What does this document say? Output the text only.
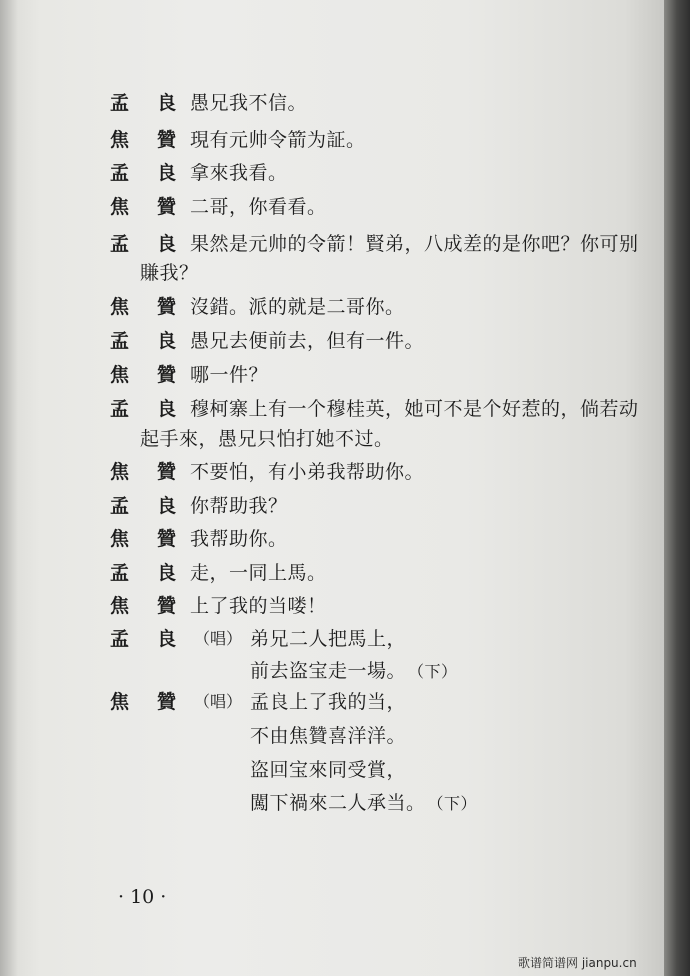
孟 良 愚兄我不信。
焦 贊 現有元帅令箭为証。
孟 良 拿來我看。
焦 贊 二哥，你看看。
孟 良 果然是元帅的令箭！賢弟，八成差的是你吧？你可别
賺我？
焦 贊 沒錯。派的就是二哥你。
孟 良 愚兄去便前去，但有一件。
焦 贊 哪一件？
孟 良 穆柯寨上有一个穆桂英，她可不是个好惹的，倘若动
起手來，愚兄只怕打她不过。
焦 贊 不要怕，有小弟我帮助你。
孟 良 你帮助我？
焦 贊 我帮助你。
孟 良 走，一同上馬。
焦 贊 上了我的当喽！
孟 良 （唱） 弟兄二人把馬上，
前去盗宝走一場。 （下）
焦 贊 （唱） 孟良上了我的当，
不由焦贊喜洋洋。
盗回宝來同受賞，
闖下禍來二人承当。 （下）
· 10 ·
歌谱简谱网 jianpu.cn
